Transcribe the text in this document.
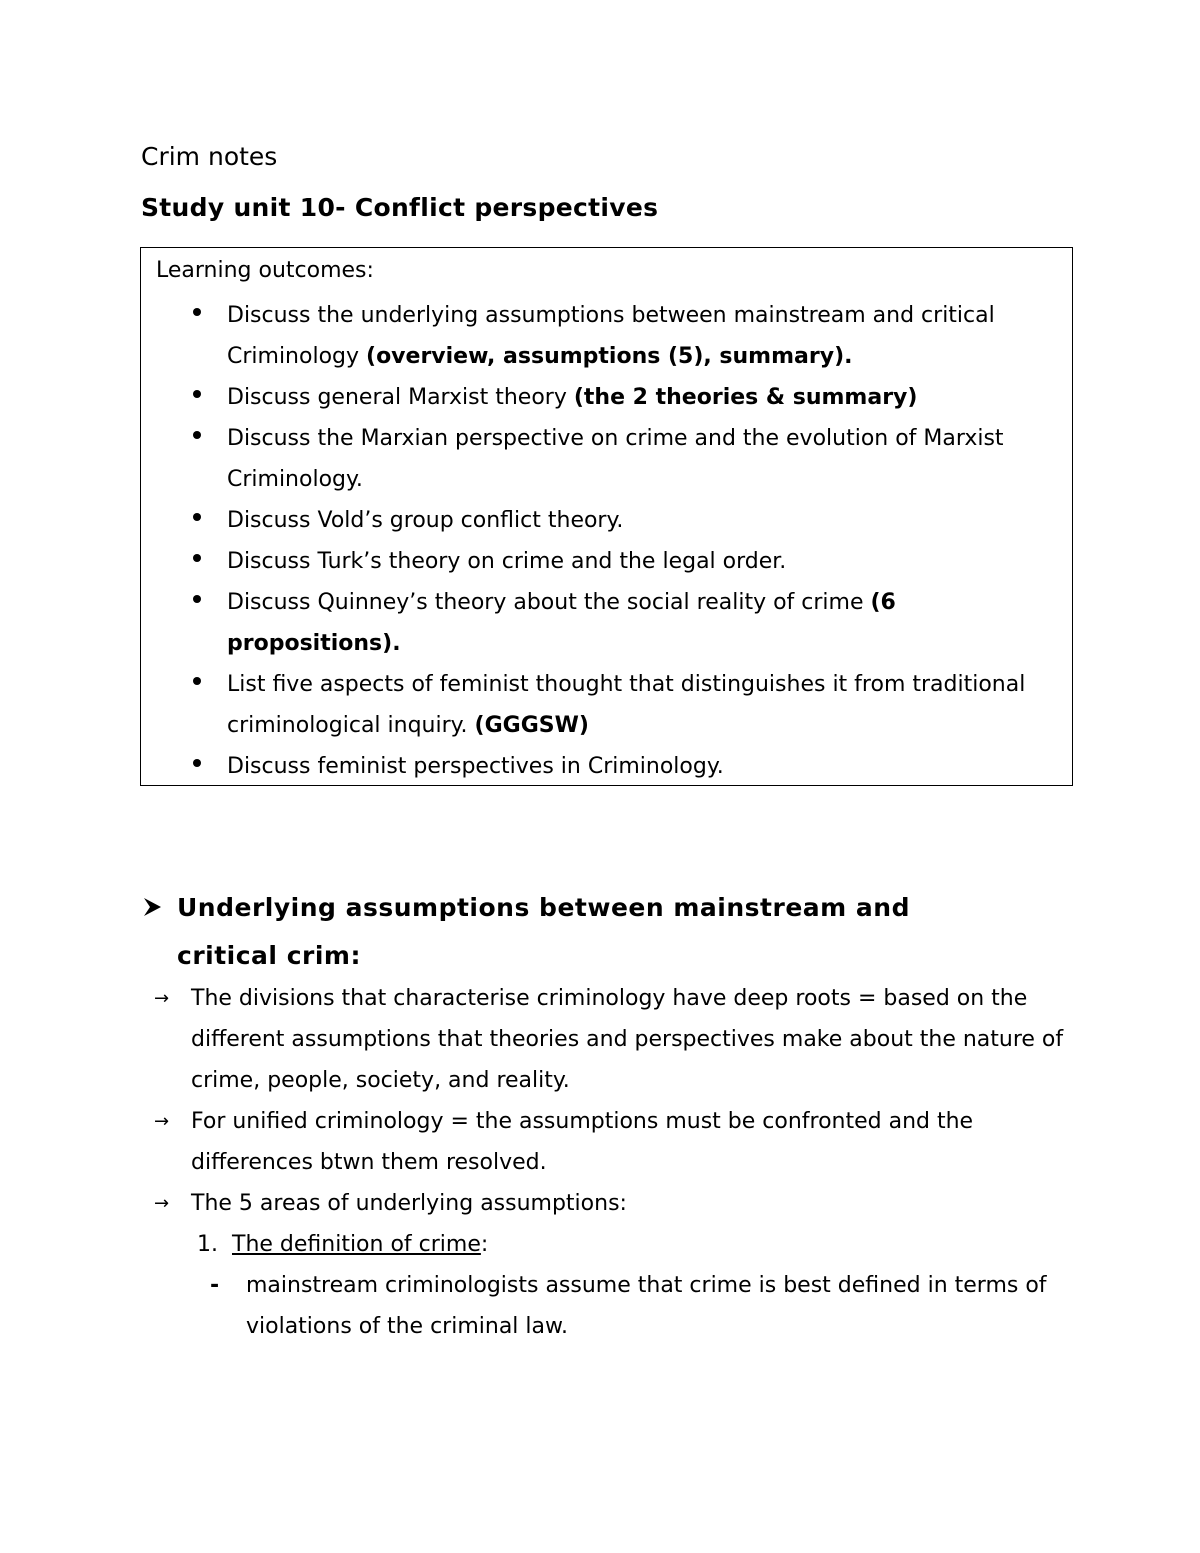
Crim notes
Study unit 10- Conflict perspectives
Learning outcomes:
Discuss the underlying assumptions between mainstream and critical Criminology (overview, assumptions (5), summary).
Discuss general Marxist theory (the 2 theories & summary)
Discuss the Marxian perspective on crime and the evolution of Marxist Criminology.
Discuss Vold’s group conflict theory.
Discuss Turk’s theory on crime and the legal order.
Discuss Quinney’s theory about the social reality of crime (6 propositions).
List five aspects of feminist thought that distinguishes it from traditional criminological inquiry. (GGGSW)
Discuss feminist perspectives in Criminology.
Underlying assumptions between mainstream and critical crim:
→ The divisions that characterise criminology have deep roots = based on the different assumptions that theories and perspectives make about the nature of crime, people, society, and reality.
→ For unified criminology = the assumptions must be confronted and the differences btwn them resolved.
→ The 5 areas of underlying assumptions:
1. The definition of crime:
- mainstream criminologists assume that crime is best defined in terms of violations of the criminal law.
